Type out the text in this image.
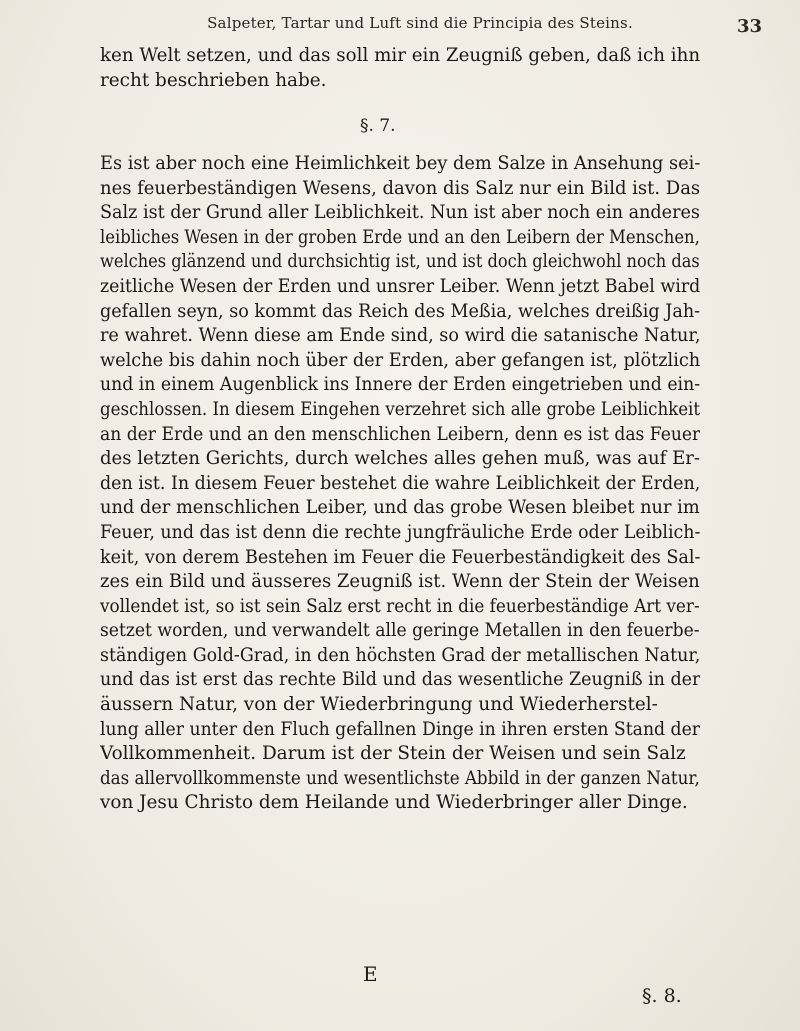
Salpeter, Tartar und Luft sind die Principia des Steins.	33
ken Welt setzen, und das soll mir ein Zeugniß geben, daß ich ihn
recht beschrieben habe.
§. 7.
Es ist aber noch eine Heimlichkeit bey dem Salze in Ansehung sei-
nes feuerbeständigen Wesens, davon dis Salz nur ein Bild ist. Das
Salz ist der Grund aller Leiblichkeit. Nun ist aber noch ein anderes
leibliches Wesen in der groben Erde und an den Leibern der Menschen,
welches glänzend und durchsichtig ist, und ist doch gleichwohl noch das
zeitliche Wesen der Erden und unsrer Leiber. Wenn jetzt Babel wird
gefallen seyn, so kommt das Reich des Meßia, welches dreißig Jah-
re wahret. Wenn diese am Ende sind, so wird die satanische Natur,
welche bis dahin noch über der Erden, aber gefangen ist, plötzlich
und in einem Augenblick ins Innere der Erden eingetrieben und ein-
geschlossen. In diesem Eingehen verzehret sich alle grobe Leiblichkeit
an der Erde und an den menschlichen Leibern, denn es ist das Feuer
des letzten Gerichts, durch welches alles gehen muß, was auf Er-
den ist. In diesem Feuer bestehet die wahre Leiblichkeit der Erden,
und der menschlichen Leiber, und das grobe Wesen bleibet nur im
Feuer, und das ist denn die rechte jungfräuliche Erde oder Leiblich-
keit, von derem Bestehen im Feuer die Feuerbeständigkeit des Sal-
zes ein Bild und äusseres Zeugniß ist. Wenn der Stein der Weisen
vollendet ist, so ist sein Salz erst recht in die feuerbeständige Art ver-
setzet worden, und verwandelt alle geringe Metallen in den feuerbe-
ständigen Gold-Grad, in den höchsten Grad der metallischen Natur,
und das ist erst das rechte Bild und das wesentliche Zeugniß in der
äussern Natur, von der Wiederbringung und Wiederherstel-
lung aller unter den Fluch gefallnen Dinge in ihren ersten Stand der
Vollkommenheit. Darum ist der Stein der Weisen und sein Salz
das allervollkommenste und wesentlichste Abbild in der ganzen Natur,
von Jesu Christo dem Heilande und Wiederbringer aller Dinge.
E
§. 8.
